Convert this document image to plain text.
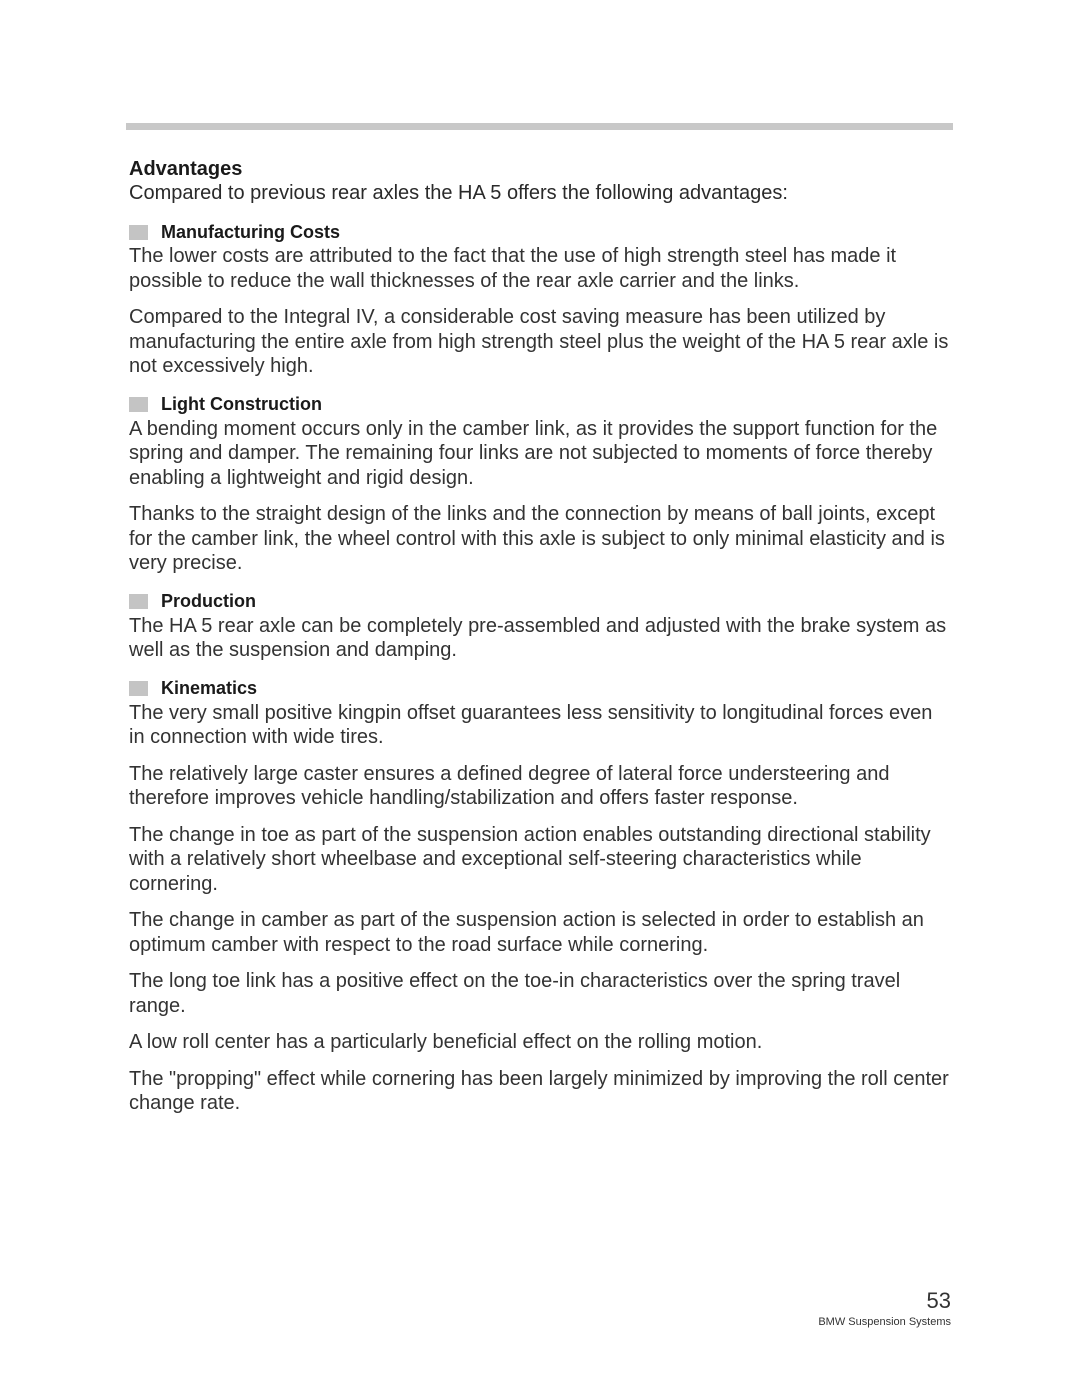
Advantages

Compared to previous rear axles the HA 5 offers the following advantages:

Manufacturing Costs

The lower costs are attributed to the fact that the use of high strength steel has made it possible to reduce the wall thicknesses of the rear axle carrier and the links.

Compared to the Integral IV, a considerable cost saving measure has been utilized by manufacturing the entire axle from high strength steel plus the weight of the HA 5 rear axle is not excessively high.

Light Construction

A bending moment occurs only in the camber link, as it provides the support function for the spring and damper. The remaining four links are not subjected to moments of force thereby enabling a lightweight and rigid design.

Thanks to the straight design of the links and the connection by means of ball joints, except for the camber link, the wheel control with this axle is subject to only minimal elasticity and is very precise.

Production

The HA 5 rear axle can be completely pre-assembled and adjusted with the brake system as well as the suspension and damping.

Kinematics

The very small positive kingpin offset guarantees less sensitivity to longitudinal forces even in connection with wide tires.

The relatively large caster ensures a defined degree of lateral force understeering and therefore improves vehicle handling/stabilization and offers faster response.

The change in toe as part of the suspension action enables outstanding directional stability with a relatively short wheelbase and exceptional self-steering characteristics while cornering.

The change in camber as part of the suspension action is selected in order to establish an optimum camber with respect to the road surface while cornering.

The long toe link has a positive effect on the toe-in characteristics over the spring travel range.

A low roll center has a particularly beneficial effect on the rolling motion.

The "propping" effect while cornering has been largely minimized by improving the roll center change rate.

53
BMW Suspension Systems
